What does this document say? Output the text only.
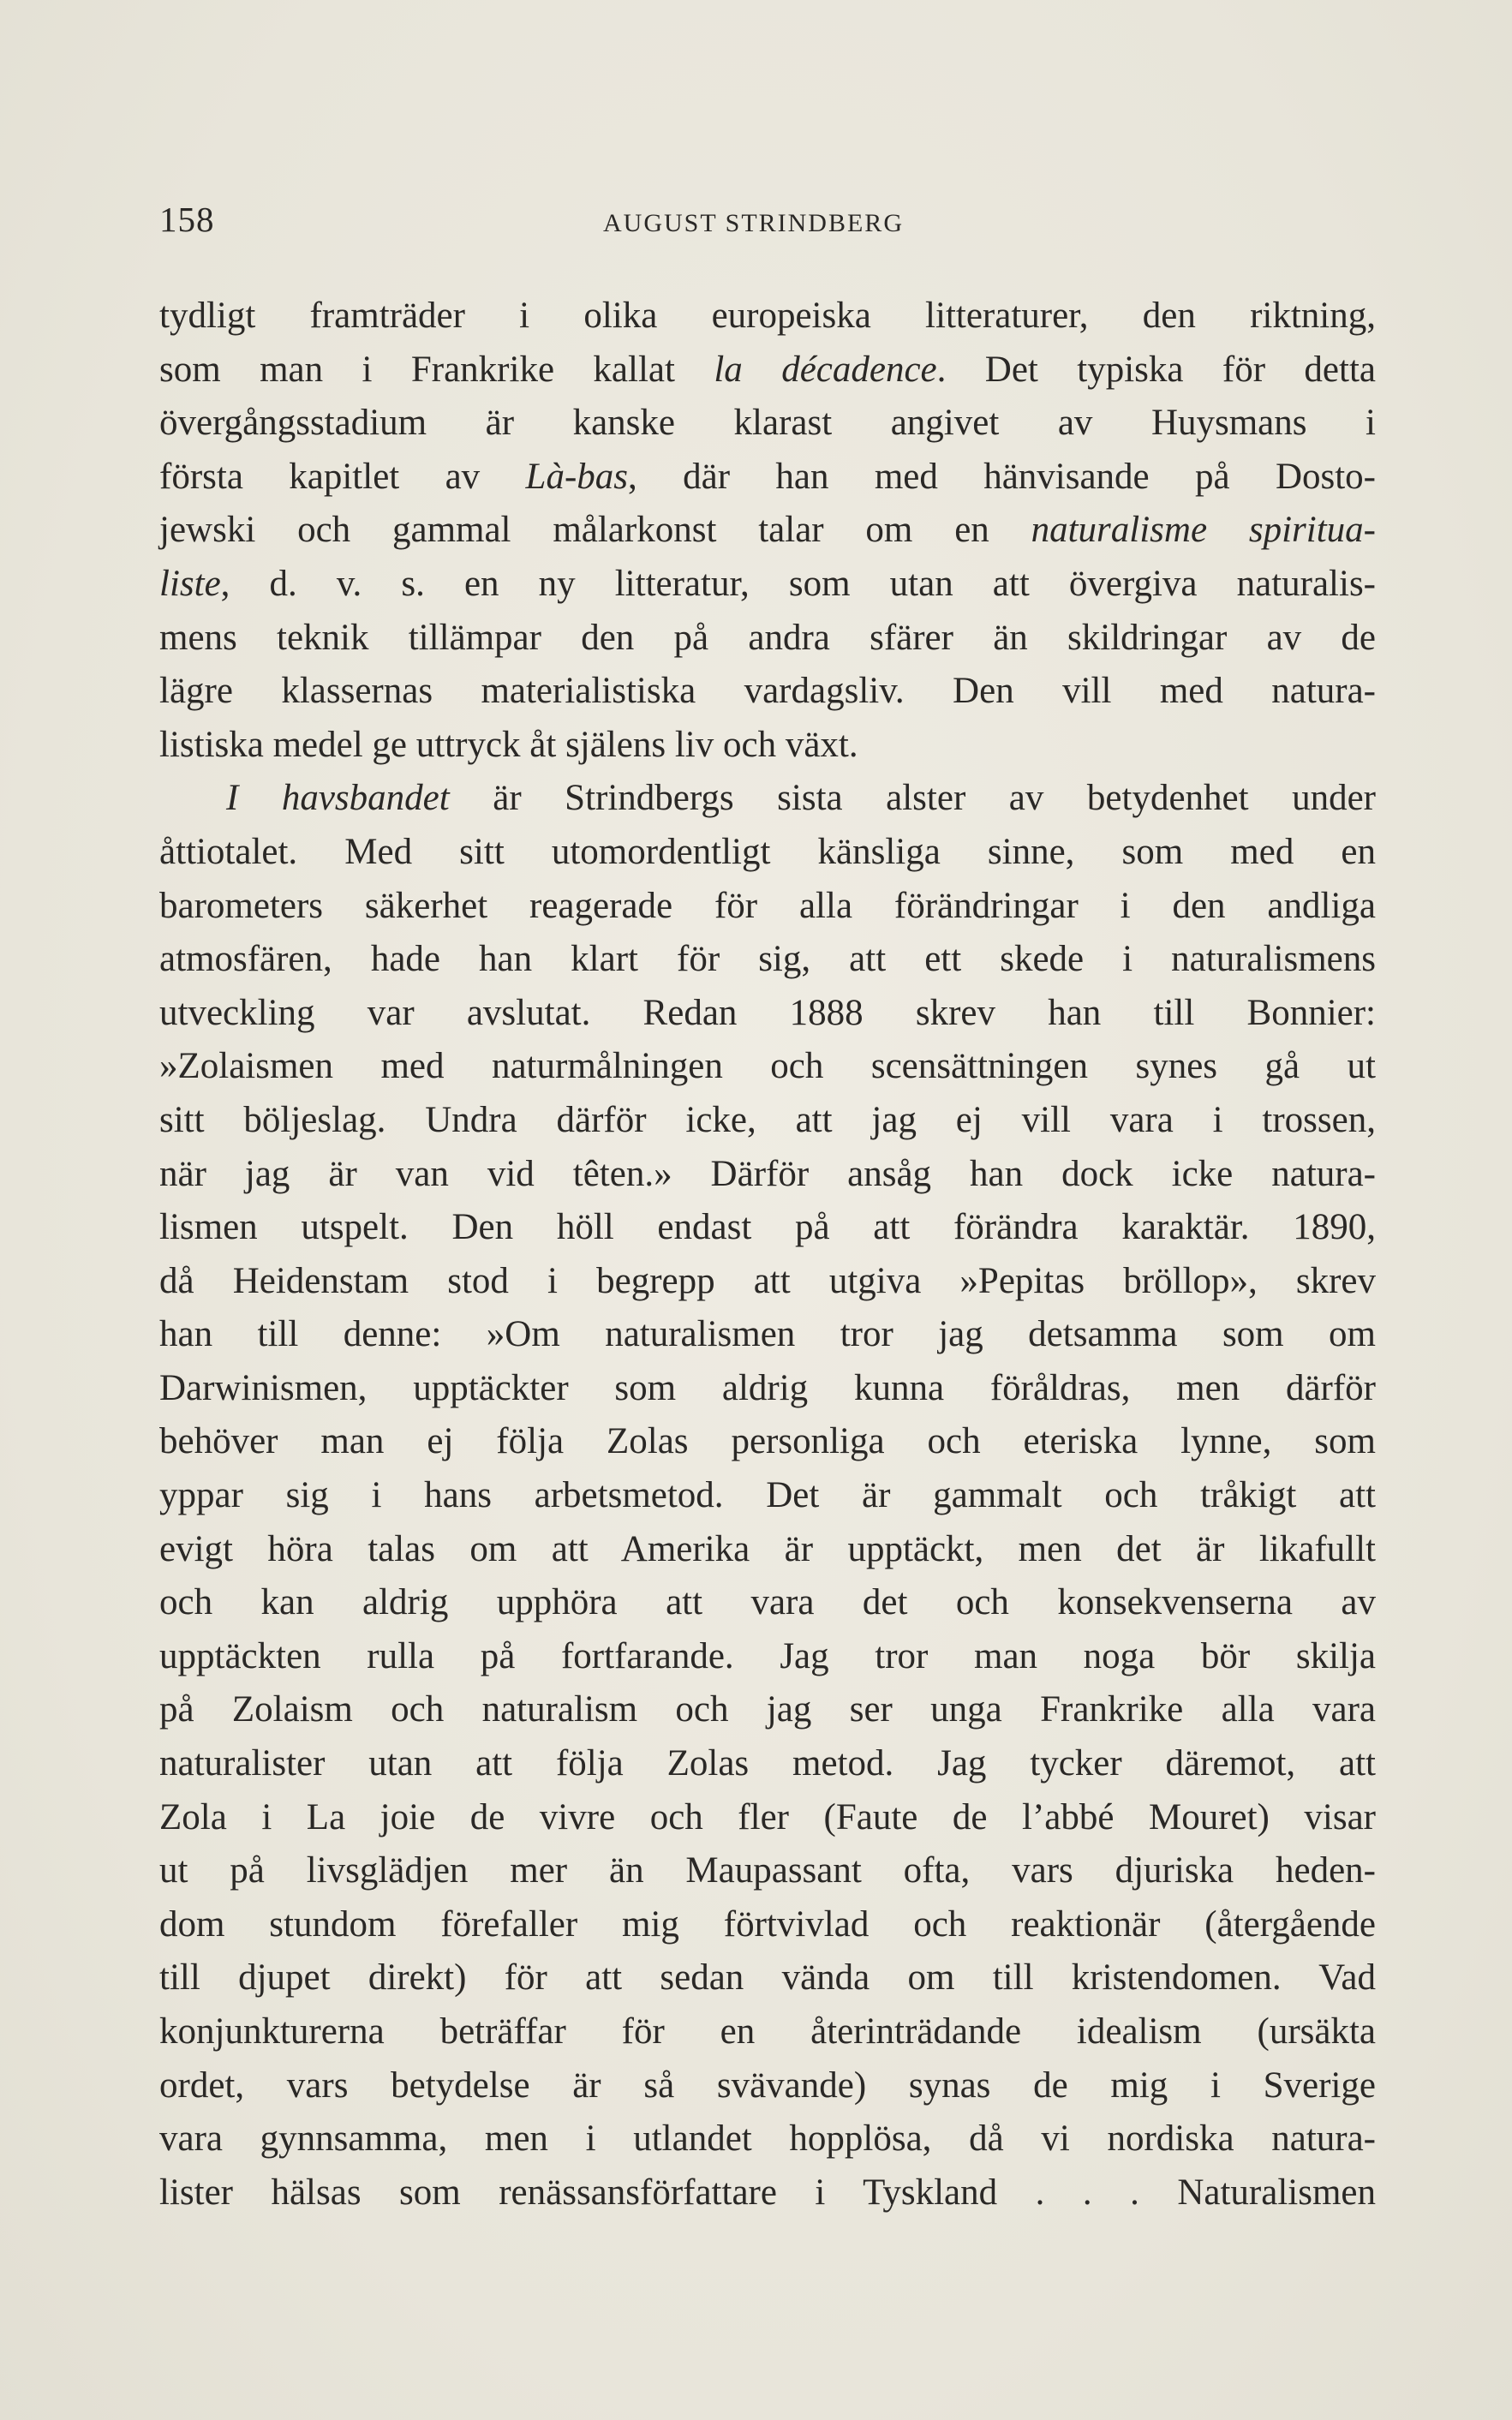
158	AUGUST STRINDBERG
tydligt framträder i olika europeiska litteraturer, den riktning,
som man i Frankrike kallat la décadence. Det typiska för detta
övergångsstadium är kanske klarast angivet av Huysmans i
första kapitlet av Là-bas, där han med hänvisande på Dosto-
jewski och gammal målarkonst talar om en naturalisme spiritua-
liste, d. v. s. en ny litteratur, som utan att övergiva naturalis-
mens teknik tillämpar den på andra sfärer än skildringar av de
lägre klassernas materialistiska vardagsliv. Den vill med natura-
listiska medel ge uttryck åt själens liv och växt.
I havsbandet är Strindbergs sista alster av betydenhet under
åttiotalet. Med sitt utomordentligt känsliga sinne, som med en
barometers säkerhet reagerade för alla förändringar i den andliga
atmosfären, hade han klart för sig, att ett skede i naturalismens
utveckling var avslutat. Redan 1888 skrev han till Bonnier:
»Zolaismen med naturmålningen och scensättningen synes gå ut
sitt böljeslag. Undra därför icke, att jag ej vill vara i trossen,
när jag är van vid têten.» Därför ansåg han dock icke natura-
lismen utspelt. Den höll endast på att förändra karaktär. 1890,
då Heidenstam stod i begrepp att utgiva »Pepitas bröllop», skrev
han till denne: »Om naturalismen tror jag detsamma som om
Darwinismen, upptäckter som aldrig kunna föråldras, men därför
behöver man ej följa Zolas personliga och eteriska lynne, som
yppar sig i hans arbetsmetod. Det är gammalt och tråkigt att
evigt höra talas om att Amerika är upptäckt, men det är likafullt
och kan aldrig upphöra att vara det och konsekvenserna av
upptäckten rulla på fortfarande. Jag tror man noga bör skilja
på Zolaism och naturalism och jag ser unga Frankrike alla vara
naturalister utan att följa Zolas metod. Jag tycker däremot, att
Zola i La joie de vivre och fler (Faute de l’abbé Mouret) visar
ut på livsglädjen mer än Maupassant ofta, vars djuriska heden-
dom stundom förefaller mig förtvivlad och reaktionär (återgående
till djupet direkt) för att sedan vända om till kristendomen. Vad
konjunkturerna beträffar för en återinträdande idealism (ursäkta
ordet, vars betydelse är så svävande) synas de mig i Sverige
vara gynnsamma, men i utlandet hopplösa, då vi nordiska natura-
lister hälsas som renässansförfattare i Tyskland . . . Naturalismen
